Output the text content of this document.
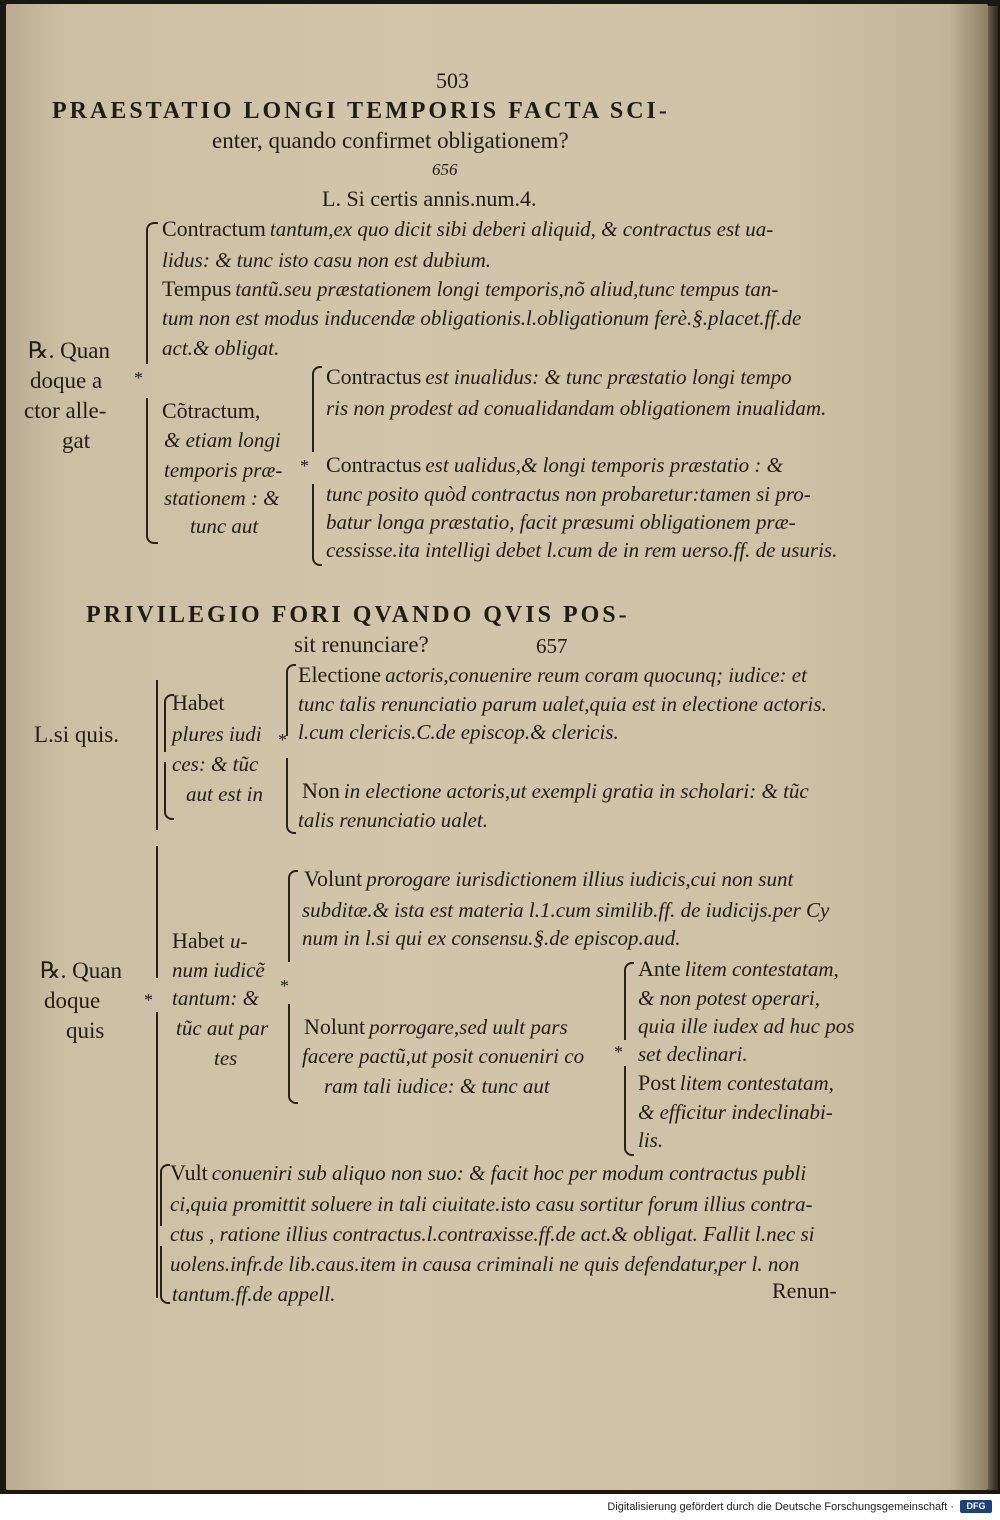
503
PRAESTATIO LONGI TEMPORIS FACTA SCI-
enter, quando confirmet obligationem?
656
L. Si certis annis.num.4.
℞. Quan
doque a
ctor alle-
gat
*
Contractum tantum,ex quo dicit sibi deberi aliquid, & contractus est ua-
lidus: & tunc isto casu non est dubium.
Tempus tantũ.seu præstationem longi temporis,nõ aliud,tunc tempus tan-
tum non est modus inducendæ obligationis.l.obligationum ferè.§.placet.ff.de
act.& obligat.
Cõtractum,
& etiam longi
temporis præ-
stationem : &
tunc aut
*
Contractus est inualidus: & tunc præstatio longi tempo
ris non prodest ad conualidandam obligationem inualidam.
Contractus est ualidus,& longi temporis præstatio : &
tunc posito quòd contractus non probaretur:tamen si pro-
batur longa præstatio, facit præsumi obligationem præ-
cessisse.ita intelligi debet l.cum de in rem uerso.ff. de usuris.
PRIVILEGIO FORI QVANDO QVIS POS-
sit renunciare?	657
L.si quis.
Habet
plures iudi
ces: & tũc
aut est in
*
Electione actoris,conuenire reum coram quocunq; iudice: et
tunc talis renunciatio parum ualet,quia est in electione actoris.
l.cum clericis.C.de episcop.& clericis.
Non in electione actoris,ut exempli gratia in scholari: & tũc
talis renunciatio ualet.
℞. Quan
doque
quis
*
Habet u-
num iudicẽ
tantum: &
tũc aut par
tes
*
Volunt prorogare iurisdictionem illius iudicis,cui non sunt
subditæ.& ista est materia l.1.cum similib.ff. de iudicijs.per Cy
num in l.si qui ex consensu.§.de episcop.aud.
Nolunt porrogare,sed uult pars
facere pactũ,ut posit conueniri co
ram tali iudice: & tunc aut
*
Ante litem contestatam,
& non potest operari,
quia ille iudex ad huc pos
set declinari.
Post litem contestatam,
& efficitur indeclinabi-
lis.
Vult conueniri sub aliquo non suo: & facit hoc per modum contractus publi
ci,quia promittit soluere in tali ciuitate.isto casu sortitur forum illius contra-
ctus , ratione illius contractus.l.contraxisse.ff.de act.& obligat. Fallit l.nec si
uolens.infr.de lib.caus.item in causa criminali ne quis defendatur,per l. non
tantum.ff.de appell.	Renun-
Digitalisierung gefördert durch die Deutsche Forschungsgemeinschaft ·	DFG
